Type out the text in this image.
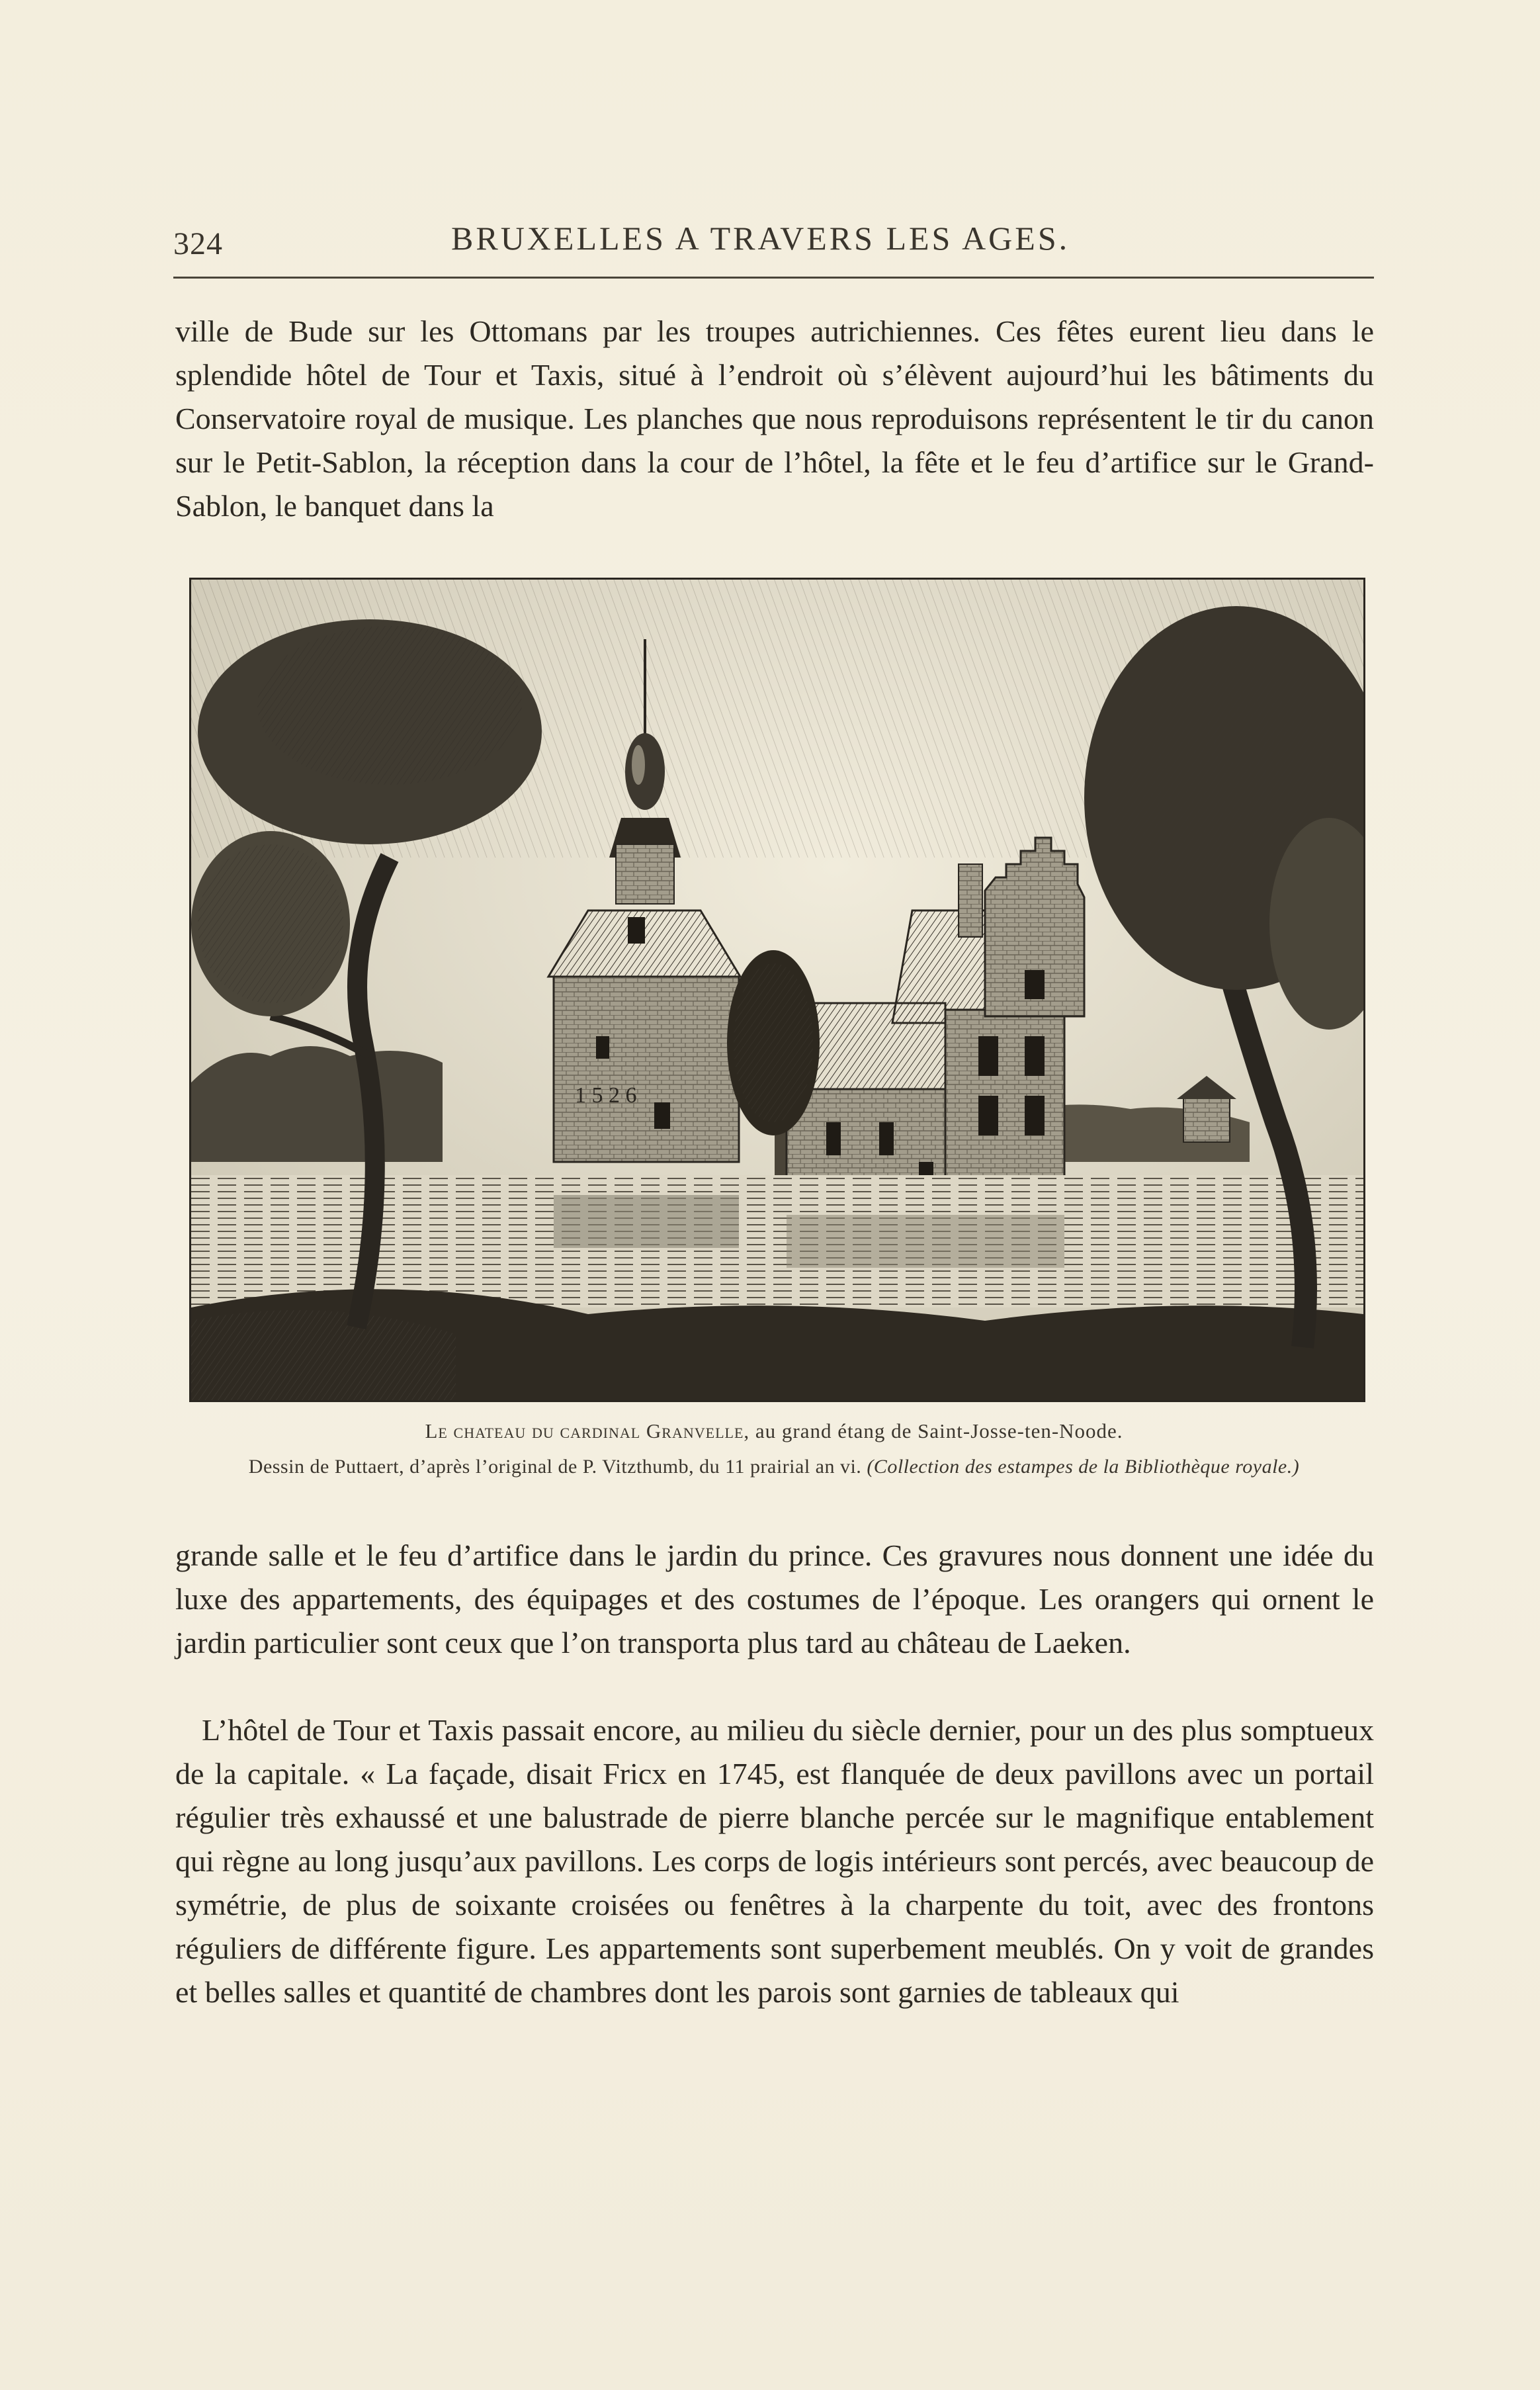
324	BRUXELLES A TRAVERS LES AGES.

ville de Bude sur les Ottomans par les troupes autrichiennes. Ces fêtes eurent lieu dans le splendide hôtel de Tour et Taxis, situé à l’endroit où s’élèvent aujourd’hui les bâtiments du Conservatoire royal de musique. Les planches que nous reproduisons représentent le tir du canon sur le Petit-Sablon, la réception dans la cour de l’hôtel, la fête et le feu d’artifice sur le Grand-Sablon, le banquet dans la

1 5 2 6
Le chateau du cardinal Granvelle, au grand étang de Saint-Josse-ten-Noode.
Dessin de Puttaert, d’après l’original de P. Vitzthumb, du 11 prairial an vi. (Collection des estampes de la Bibliothèque royale.)

grande salle et le feu d’artifice dans le jardin du prince. Ces gravures nous donnent une idée du luxe des appartements, des équipages et des costumes de l’époque. Les orangers qui ornent le jardin particulier sont ceux que l’on transporta plus tard au château de Laeken.

L’hôtel de Tour et Taxis passait encore, au milieu du siècle dernier, pour un des plus somptueux de la capitale. « La façade, disait Fricx en 1745, est flanquée de deux pavillons avec un portail régulier très exhaussé et une balustrade de pierre blanche percée sur le magnifique entablement qui règne au long jusqu’aux pavillons. Les corps de logis intérieurs sont percés, avec beaucoup de symétrie, de plus de soixante croisées ou fenêtres à la charpente du toit, avec des frontons réguliers de différente figure. Les appartements sont superbement meublés. On y voit de grandes et belles salles et quantité de chambres dont les parois sont garnies de tableaux qui
